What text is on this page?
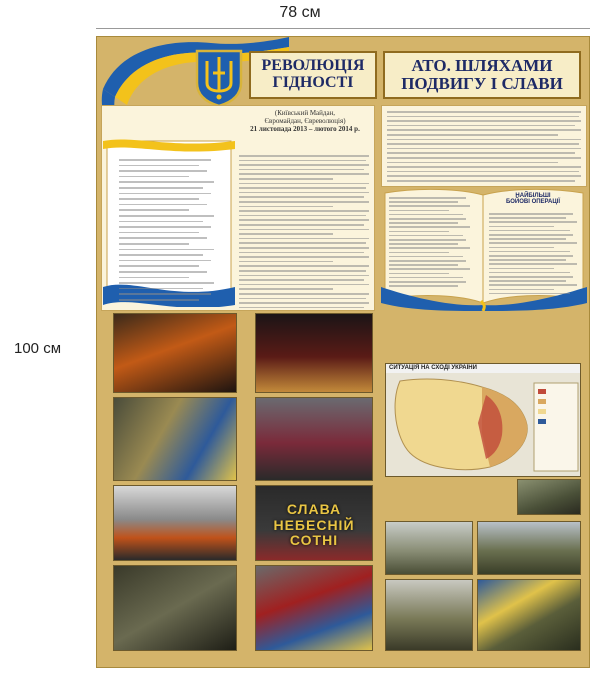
78 см
100 см
РЕВОЛЮЦІЯ
ГІДНОСТІ
АТО. ШЛЯХАМИ
ПОДВИГУ І СЛАВИ
(Київський Майдан,
Євромайдан, Євреволюція)
21 листопада 2013 – лютого 2014 р.
НАЙБІЛЬШІ
БОЙОВІ ОПЕРАЦІЇ
СЛАВА
НЕБЕСНІЙ
СОТНІ
СИТУАЦІЯ НА СХОДІ УКРАЇНИ
